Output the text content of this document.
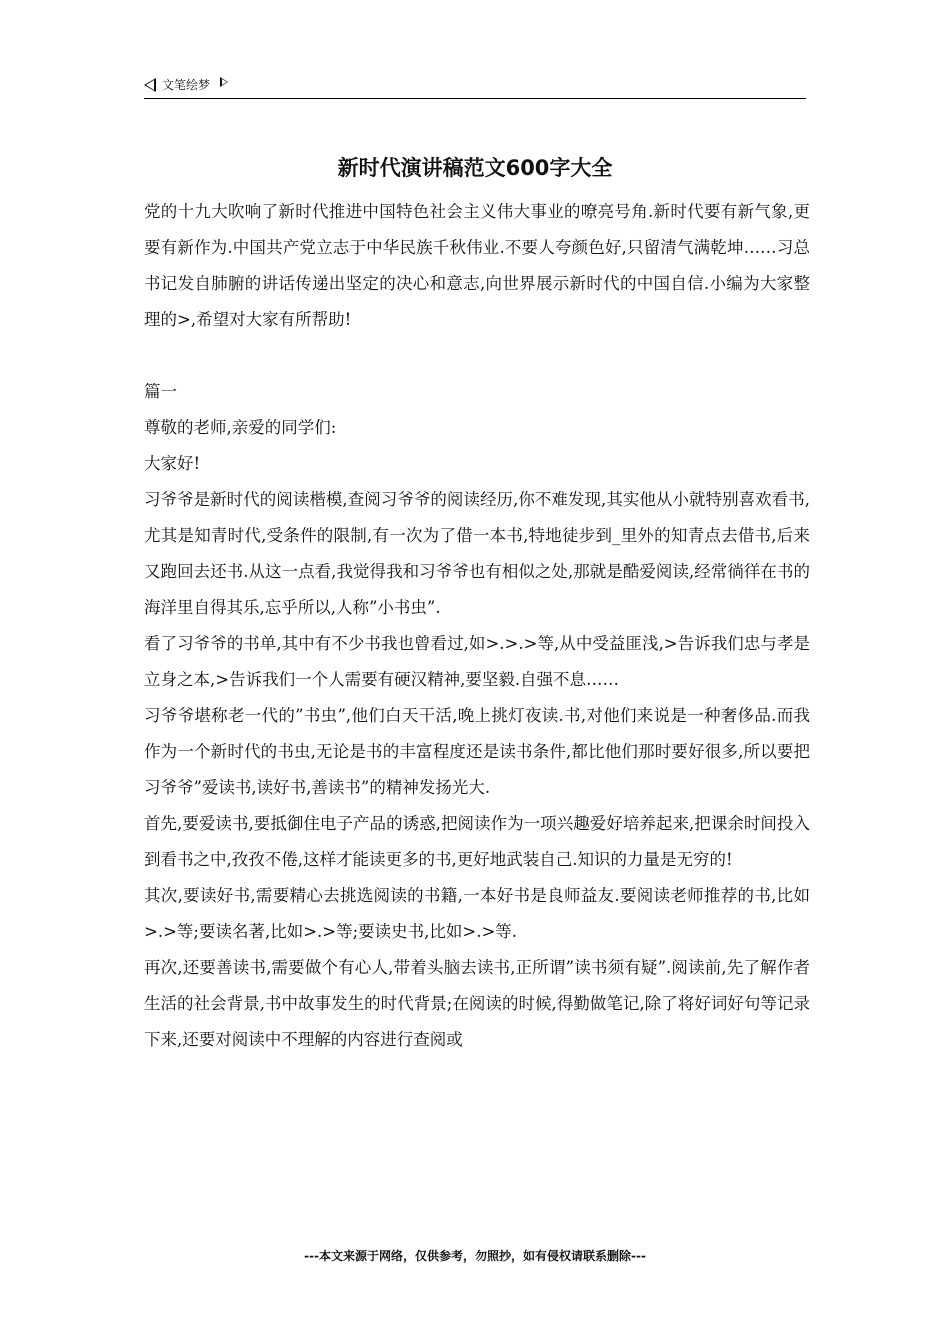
文笔绘梦
新时代演讲稿范文600字大全

党的十九大吹响了新时代推进中国特色社会主义伟大事业的嘹亮号角.新时代要有新气象,更要有新作为.中国共产党立志于中华民族千秋伟业.不要人夸颜色好,只留清气满乾坤……习总书记发自肺腑的讲话传递出坚定的决心和意志,向世界展示新时代的中国自信.小编为大家整理的>,希望对大家有所帮助!

篇一

尊敬的老师,亲爱的同学们:

大家好!

习爷爷是新时代的阅读楷模,查阅习爷爷的阅读经历,你不难发现,其实他从小就特别喜欢看书,尤其是知青时代,受条件的限制,有一次为了借一本书,特地徒步到_里外的知青点去借书,后来又跑回去还书.从这一点看,我觉得我和习爷爷也有相似之处,那就是酷爱阅读,经常徜徉在书的海洋里自得其乐,忘乎所以,人称”小书虫”.

看了习爷爷的书单,其中有不少书我也曾看过,如>.>.>等,从中受益匪浅,>告诉我们忠与孝是立身之本,>告诉我们一个人需要有硬汉精神,要坚毅.自强不息……

习爷爷堪称老一代的”书虫”,他们白天干活,晚上挑灯夜读.书,对他们来说是一种奢侈品.而我作为一个新时代的书虫,无论是书的丰富程度还是读书条件,都比他们那时要好很多,所以要把习爷爷”爱读书,读好书,善读书”的精神发扬光大.

首先,要爱读书,要抵御住电子产品的诱惑,把阅读作为一项兴趣爱好培养起来,把课余时间投入到看书之中,孜孜不倦,这样才能读更多的书,更好地武装自己.知识的力量是无穷的!

其次,要读好书,需要精心去挑选阅读的书籍,一本好书是良师益友.要阅读老师推荐的书,比如>.>等;要读名著,比如>.>等;要读史书,比如>.>等.

再次,还要善读书,需要做个有心人,带着头脑去读书,正所谓”读书须有疑”.阅读前,先了解作者生活的社会背景,书中故事发生的时代背景;在阅读的时候,得勤做笔记,除了将好词好句等记录下来,还要对阅读中不理解的内容进行查阅或

---本文来源于网络，仅供参考，勿照抄，如有侵权请联系删除---
